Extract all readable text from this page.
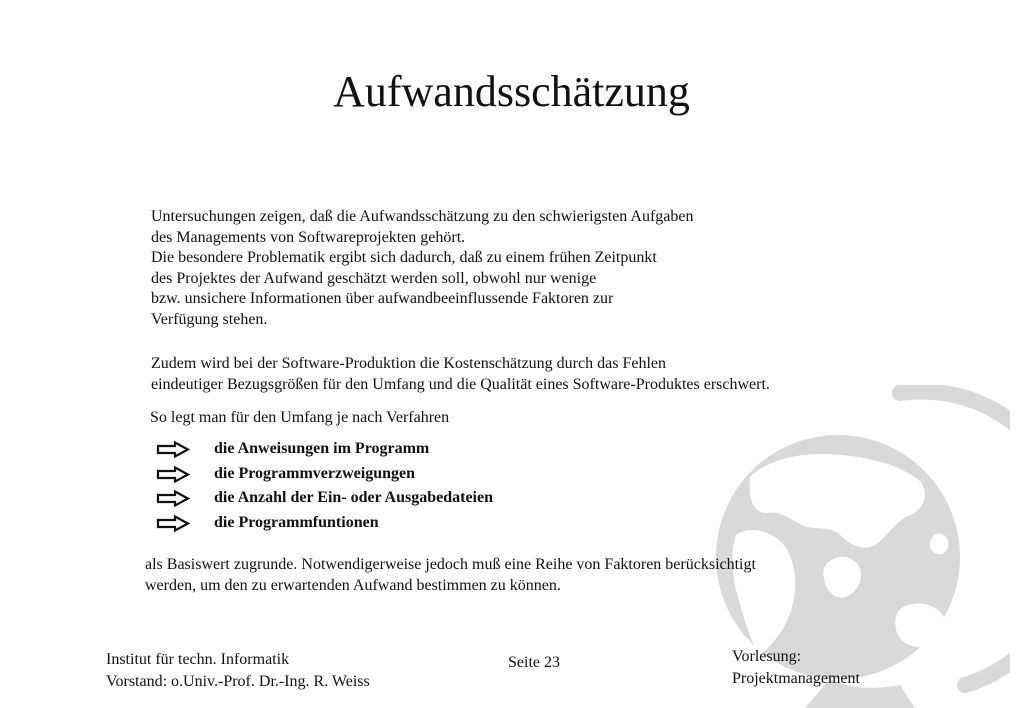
Aufwandsschätzung

Untersuchungen zeigen, daß die Aufwandsschätzung zu den schwierigsten Aufgaben
des Managements von Softwareprojekten gehört.
Die besondere Problematik ergibt sich dadurch, daß zu einem frühen Zeitpunkt
des Projektes der Aufwand geschätzt werden soll, obwohl nur wenige
bzw. unsichere Informationen über aufwandbeeinflussende Faktoren zur
Verfügung stehen.

Zudem wird bei der Software-Produktion die Kostenschätzung durch das Fehlen
eindeutiger Bezugsgrößen für den Umfang und die Qualität eines Software-Produktes erschwert.

So legt man für den Umfang je nach Verfahren

die Anweisungen im Programm
die Programmverzweigungen
die Anzahl der Ein- oder Ausgabedateien
die Programmfuntionen

als Basiswert zugrunde. Notwendigerweise jedoch muß eine Reihe von Faktoren berücksichtigt
werden, um den zu erwartenden Aufwand bestimmen zu können.

Institut für techn. Informatik
Vorstand: o.Univ.-Prof. Dr.-Ing. R. Weiss
Seite 23	Vorlesung:
Projektmanagement
